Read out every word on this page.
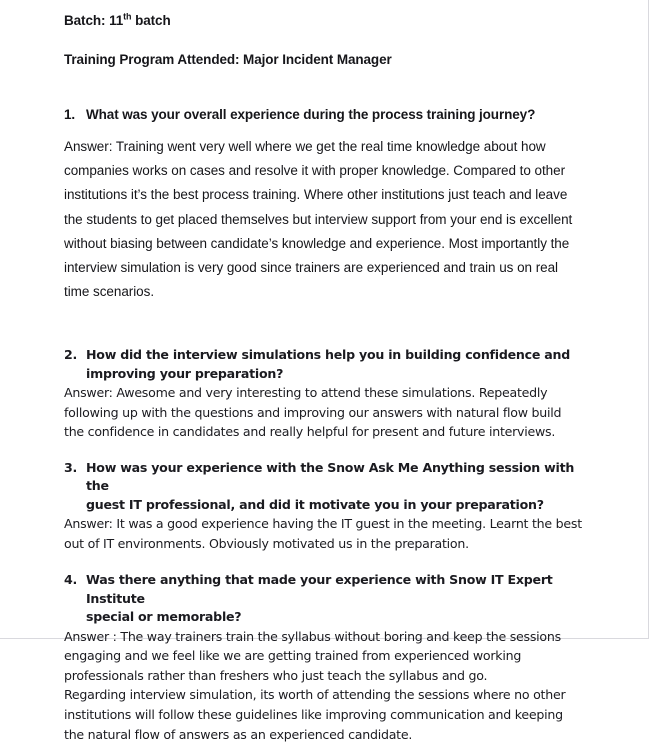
Batch: 11th batch
Training Program Attended: Major Incident Manager
1. What was your overall experience during the process training journey?
Answer: Training went very well where we get the real time knowledge about how
companies works on cases and resolve it with proper knowledge. Compared to other
institutions it’s the best process training. Where other institutions just teach and leave
the students to get placed themselves but interview support from your end is excellent
without biasing between candidate’s knowledge and experience. Most importantly the
interview simulation is very good since trainers are experienced and train us on real
time scenarios.
2. How did the interview simulations help you in building confidence and
improving your preparation?
Answer: Awesome and very interesting to attend these simulations. Repeatedly
following up with the questions and improving our answers with natural flow build
the confidence in candidates and really helpful for present and future interviews.
3. How was your experience with the Snow Ask Me Anything session with the
guest IT professional, and did it motivate you in your preparation?
Answer: It was a good experience having the IT guest in the meeting. Learnt the best
out of IT environments. Obviously motivated us in the preparation.
4. Was there anything that made your experience with Snow IT Expert Institute
special or memorable?
Answer : The way trainers train the syllabus without boring and keep the sessions
engaging and we feel like we are getting trained from experienced working
professionals rather than freshers who just teach the syllabus and go.
Regarding interview simulation, its worth of attending the sessions where no other
institutions will follow these guidelines like improving communication and keeping
the natural flow of answers as an experienced candidate.
